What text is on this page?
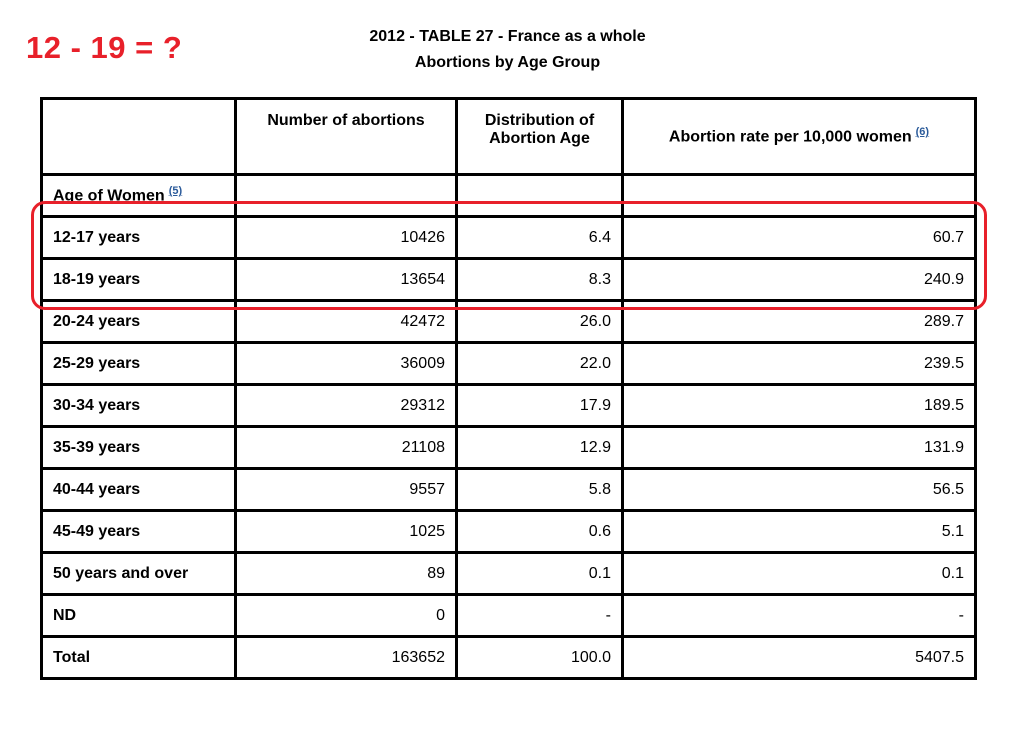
12 - 19 = ?	2012 - TABLE 27 - France as a whole
Abortions by Age Group
	Number of abortions	Distribution of Abortion Age	Abortion rate per 10,000 women $^{(6)}$
Age of Women $^{(5)}$			
12-17 years	10426	6.4	60.7
18-19 years	13654	8.3	240.9
20-24 years	42472	26.0	289.7
25-29 years	36009	22.0	239.5
30-34 years	29312	17.9	189.5
35-39 years	21108	12.9	131.9
40-44 years	9557	5.8	56.5
45-49 years	1025	0.6	5.1
50 years and over	89	0.1	0.1
ND	0	-	-
Total	163652	100.0	5407.5
